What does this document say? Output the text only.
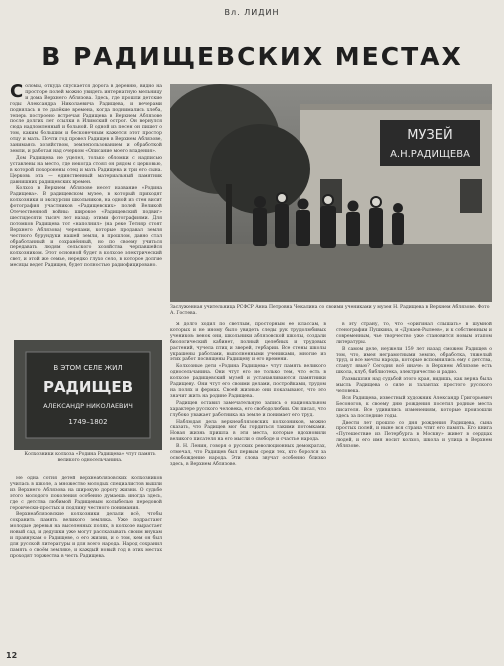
Вл. ЛИДИН
В РАДИЩЕВСКИХ МЕСТАХ
С оломы, откуда спускается дорога в деревню, видно на просторе полей можно увидеть интернатную мельницу и дома Верхнего Аблязова. Здесь, где прошли детские годы Александра Николаевича Радищева, и вечерами поднялась в те далёкие времена, когда поднимались хлеба, теперь построено встречая Радищева в Верхнем Аблязове после долгих лет ссылки в Илимский острог. Он вернулся сюда надломленный и больной. В одной из песен он пишет о том, каким большим и бесконечным кажется этот простор отцу и мать. Почти год провел Радищев в Верхнем Аблязове, занимаясь хозяйством, землепользованием и обработкой земли, и работая над очерком «Описание моего владения».

Дом Радищева не уцелел, только обломки с надписью уставлены на место, где некогда стоял он рядом с церковью, в которой похоронены отец и мать Радищева и три его сына. Церковь эта — единственный материальный памятник давнишних радищевских времен.

Колхоз в Верхнем Аблязове несет название «Родина Радищева». В радищевском музее, в который приходят колхозники и экскурсии школьников, на одной из стен висит фотография участников «Радищевских» полей Великой Отечественной войны: широкое «Радищевский подвиг» шестидесяти тысяч лет назад: этими фотографиями. Для потомков Радищева тот «наполнил» (на реке Тетняр стоят Верхнего Аблязова) черепами, которые продавал земля честного бурундуки нашей земли, в прошлом, давно стал обработанный и сохранённый, но по своему учиться передавать людям сельского хозяйства черпавшейся колхозником. Этот основной будет в колхозе электрический свет, и этой же семье, нередко глухо село, в которое долгие месяцы ведет Радищев, будет полностью радиофицировано.

МУЗЕЙ
А.Н.РАДИЩЕВА
Заслуженная учительница РСФСР Анна Петровна Чекалина со своими учениками у музея Н. Радищева в Верхнем Аблязове. Фото А. Гостева.
В ЭТОМ СЕЛЕ ЖИЛ
РАДИЩЕВ
АЛЕКСАНДР НИКОЛАЕВИЧ
1749–1802
Колхозники колхоза «Родина Радищева» чтут память великого односельчанина.

Не одна сотня детей верхнеаблязовских колхозников училась в школе, а множество молодых специалистов вышли из Верхнего Аблязова на широкую дорогу жизни. О судьбе этого молодого поколения особенно думаешь иногда здесь, где с детства любимой Радищевым колыбелью передовой героически-простых и подлину честного понимания.

Верхнеаблязовские колхозники делали всё, чтобы сохранить память великого земляка. Уже подрастают молодые деревья на выселенных полях, в колхозе вырастает новый сад, и дедушки уже могут рассказывать своим внукам и правнукам о Радищеве, о его жизни, и о том, кем он был для русской литературы и для всего народа. Народ сохранил память о своём земляке, и каждый новый год в этих местах проходят торжества в честь Радищева.

Я долго ходил по светлым, просторным её классам, в которых и не иному было увидеть следы рук трудолюбивых учеников: венок они, школьники аблязовской школы, создали биологический кабинет, полный целебных и трудовых растений, чучела птиц и зверей, гербарии. Все стены школы украшены работами, выполненными учениками, многие из этих работ посвящены Радищеву и его времени.

Колхозные дети «Родина Радищева» чтут память великого односельчанина. Они чтут его не только тем, что есть в колхозе радищевский музей и устанавливаются памятники Радищеву. Они чтут его своими делами, постройками, трудом на полях и фермах. Своей жизнью они показывают, что это значит жить на родине Радищева.

Радищев оставил замечательную запись о национальном характере русского человека, его свободолюбии. Он писал, что глубоко уважает работника на земле и понимает его труд.

Наблюдая дела верхнеаблязовских колхозников, можно сказать, что Радищев мог бы гордиться такими потомками. Новая жизнь пришла в эти места, которые вдохновили великого писателя на его мысли о свободе и счастье народа.

В. Н. Ленин, говоря о русских революционных демократах, отмечал, что Радищев был первым среди тех, кто боролся за освобождение народа. Эти слова звучат особенно близко здесь, в Верхнем Аблязове.

в эту страну, то, что «оригинал слышать» в шумной стенографии Пушкина, и «Дунаев-Рылеев», и к собственным и современным, чье творчество уже становится новым этапом литературы.

В самом деле, неужели 159 лет назад сможем Радищев о том, что, имея неграмотными землю, обработка, тяжелый труд, и все мечты народа, которые вспомнились ему с детства, станут явью? Сегодня всё иначе: в Верхнем Аблязове есть школа, клуб, библиотека, электричество и радио.

Размышляя над судьбой этого края, видишь, как верна была мысль Радищева о силе и талантах простого русского человека.

Вся Радищева, известный художник Александр Григорьевич Бесоногов, к своему дню рождения посетил родные места писателя. Все удивились изменениям, которые произошли здесь за последние годы.

Двести лет прошло со дня рождения Радищева, сына простых полей, и ныне вся страна чтит его память. Его книга «Путешествие из Петербурга в Москву» живет в сердцах людей, и его имя носит колхоз, школа и улица в Верхнем Аблязове.

12
